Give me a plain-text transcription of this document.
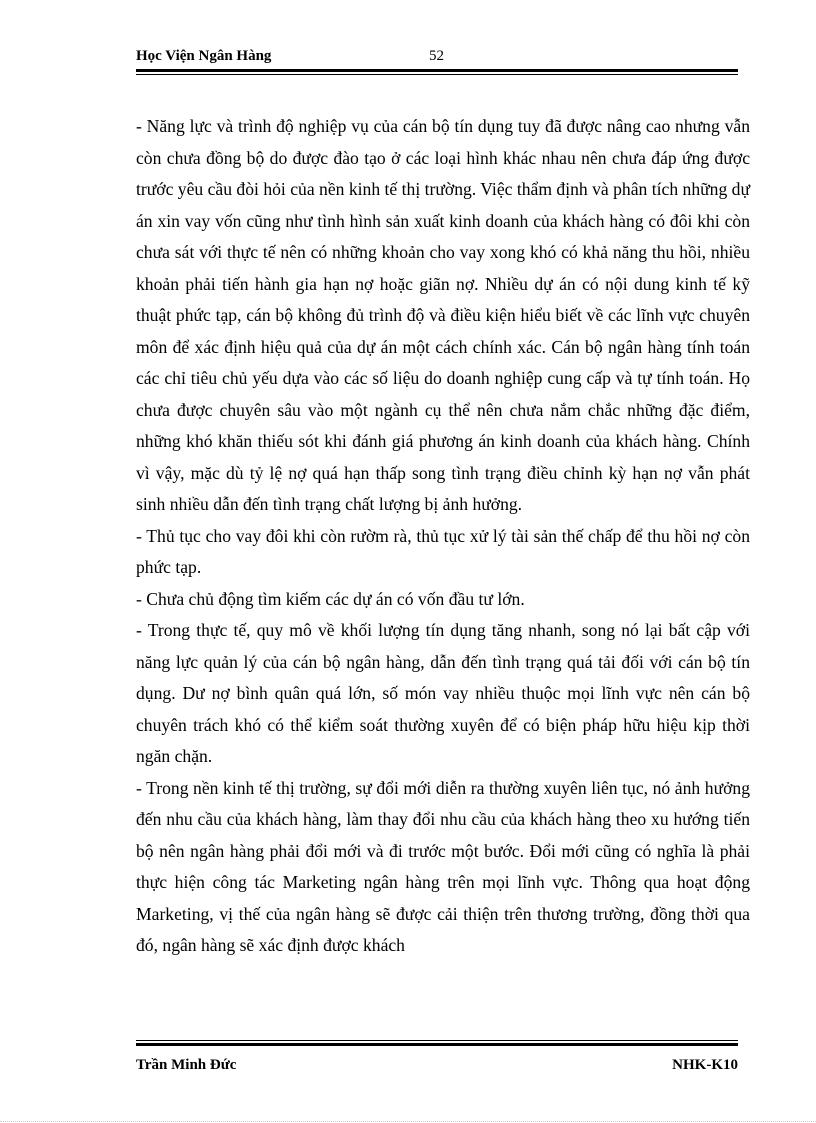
Học Viện Ngân Hàng	52

- Năng lực và trình độ nghiệp vụ của cán bộ tín dụng tuy đã được nâng cao nhưng vẫn còn chưa đồng bộ do được đào tạo ở các loại hình khác nhau nên chưa đáp ứng được trước yêu cầu đòi hỏi của nền kinh tế thị trường. Việc thẩm định và phân tích những dự án xin vay vốn cũng như tình hình sản xuất kinh doanh của khách hàng có đôi khi còn chưa sát với thực tế nên có những khoản cho vay xong khó có khả năng thu hồi, nhiều khoản phải tiến hành gia hạn nợ hoặc giãn nợ. Nhiều dự án có nội dung kinh tế kỹ thuật phức tạp, cán bộ không đủ trình độ và điều kiện hiểu biết về các lĩnh vực chuyên môn để xác định hiệu quả của dự án một cách chính xác. Cán bộ ngân hàng tính toán các chỉ tiêu chủ yếu dựa vào các số liệu do doanh nghiệp cung cấp và tự tính toán. Họ chưa được chuyên sâu vào một ngành cụ thể nên chưa nắm chắc những đặc điểm, những khó khăn thiếu sót khi đánh giá phương án kinh doanh của khách hàng. Chính vì vậy, mặc dù tỷ lệ nợ quá hạn thấp song tình trạng điều chỉnh kỳ hạn nợ vẫn phát sinh nhiều dẫn đến tình trạng chất lượng bị ảnh hưởng.

- Thủ tục cho vay đôi khi còn rườm rà, thủ tục xử lý tài sản thế chấp để thu hồi nợ còn phức tạp.

- Chưa chủ động tìm kiếm các dự án có vốn đầu tư lớn.

- Trong thực tế, quy mô về khối lượng tín dụng tăng nhanh, song nó lại bất cập với năng lực quản lý của cán bộ ngân hàng, dẫn đến tình trạng quá tải đối với cán bộ tín dụng. Dư nợ bình quân quá lớn, số món vay nhiều thuộc mọi lĩnh vực nên cán bộ chuyên trách khó có thể kiểm soát thường xuyên để có biện pháp hữu hiệu kịp thời ngăn chặn.

- Trong nền kinh tế thị trường, sự đổi mới diễn ra thường xuyên liên tục, nó ảnh hưởng đến nhu cầu của khách hàng, làm thay đổi nhu cầu của khách hàng theo xu hướng tiến bộ nên ngân hàng phải đổi mới và đi trước một bước. Đổi mới cũng có nghĩa là phải thực hiện công tác Marketing ngân hàng trên mọi lĩnh vực. Thông qua hoạt động Marketing, vị thế của ngân hàng sẽ được cải thiện trên thương trường, đồng thời qua đó, ngân hàng sẽ xác định được khách

Trần Minh Đức	NHK-K10
